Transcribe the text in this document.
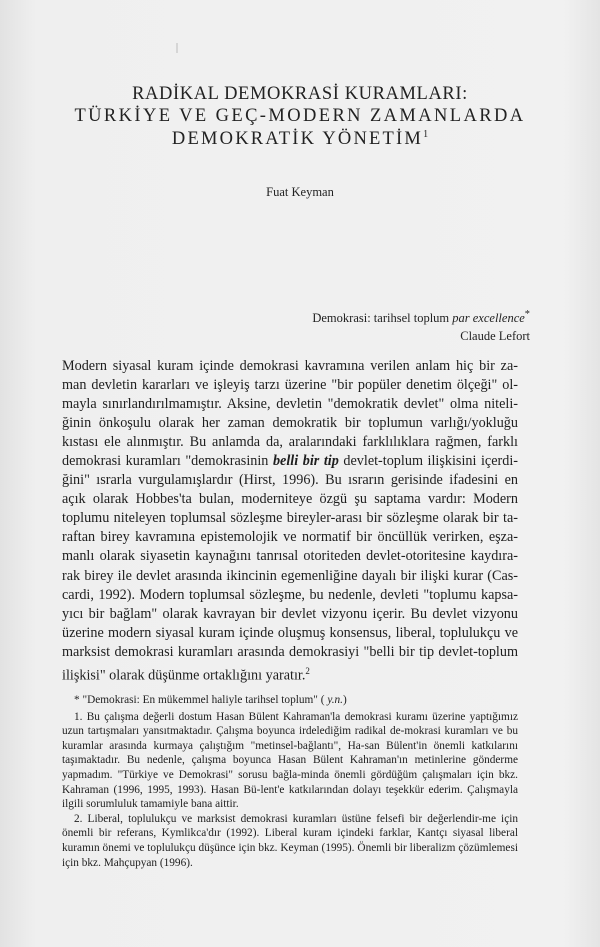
RADİKAL DEMOKRASİ KURAMLARI:
TÜRKİYE VE GEÇ-MODERN ZAMANLARDA
DEMOKRATİK YÖNETİM$^1$
Fuat Keyman
Demokrasi: tarihsel toplum par excellence*
Claude Lefort

Modern siyasal kuram içinde demokrasi kavramına verilen anlam hiç bir za-man devletin kararları ve işleyiş tarzı üzerine "bir popüler denetim ölçeği" ol-mayla sınırlandırılmamıştır. Aksine, devletin "demokratik devlet" olma niteli-ğinin önkoşulu olarak her zaman demokratik bir toplumun varlığı/yokluğu kıstası ele alınmıştır. Bu anlamda da, aralarındaki farklılıklara rağmen, farklı demokrasi kuramları "demokrasinin belli bir tip devlet-toplum ilişkisini içerdi-ğini" ısrarla vurgulamışlardır (Hirst, 1996). Bu ısrarın gerisinde ifadesini en açık olarak Hobbes'ta bulan, moderniteye özgü şu saptama vardır: Modern toplumu niteleyen toplumsal sözleşme bireyler-arası bir sözleşme olarak bir ta-raftan birey kavramına epistemolojik ve normatif bir öncüllük verirken, eşza-manlı olarak siyasetin kaynağını tanrısal otoriteden devlet-otoritesine kaydıra-rak birey ile devlet arasında ikincinin egemenliğine dayalı bir ilişki kurar (Cas-cardi, 1992). Modern toplumsal sözleşme, bu nedenle, devleti "toplumu kapsa-yıcı bir bağlam" olarak kavrayan bir devlet vizyonu içerir. Bu devlet vizyonu üzerine modern siyasal kuram içinde oluşmuş konsensus, liberal, toplulukçu ve marksist demokrasi kuramları arasında demokrasiyi "belli bir tip devlet-toplum ilişkisi" olarak düşünme ortaklığını yaratır.$^2$

* "Demokrasi: En mükemmel haliyle tarihsel toplum" ( y.n.)

1. Bu çalışma değerli dostum Hasan Bülent Kahraman'la demokrasi kuramı üzerine yaptığımız uzun tartışmaları yansıtmaktadır. Çalışma boyunca irdelediğim radikal de-mokrasi kuramları ve bu kuramlar arasında kurmaya çalıştığım "metinsel-bağlantı", Ha-san Bülent'in önemli katkılarını taşımaktadır. Bu nedenle, çalışma boyunca Hasan Bülent Kahraman'ın metinlerine gönderme yapmadım. "Türkiye ve Demokrasi" sorusu bağla-minda önemli gördüğüm çalışmaları için bkz. Kahraman (1996, 1995, 1993). Hasan Bü-lent'e katkılarından dolayı teşekkür ederim. Çalışmayla ilgili sorumluluk tamamiyle bana aittir.

2. Liberal, toplulukçu ve marksist demokrasi kuramları üstüne felsefi bir değerlendir-me için önemli bir referans, Kymlikca'dır (1992). Liberal kuram içindeki farklar, Kantçı siyasal liberal kuramın önemi ve toplulukçu düşünce için bkz. Keyman (1995). Önemli bir liberalizm çözümlemesi için bkz. Mahçupyan (1996).
